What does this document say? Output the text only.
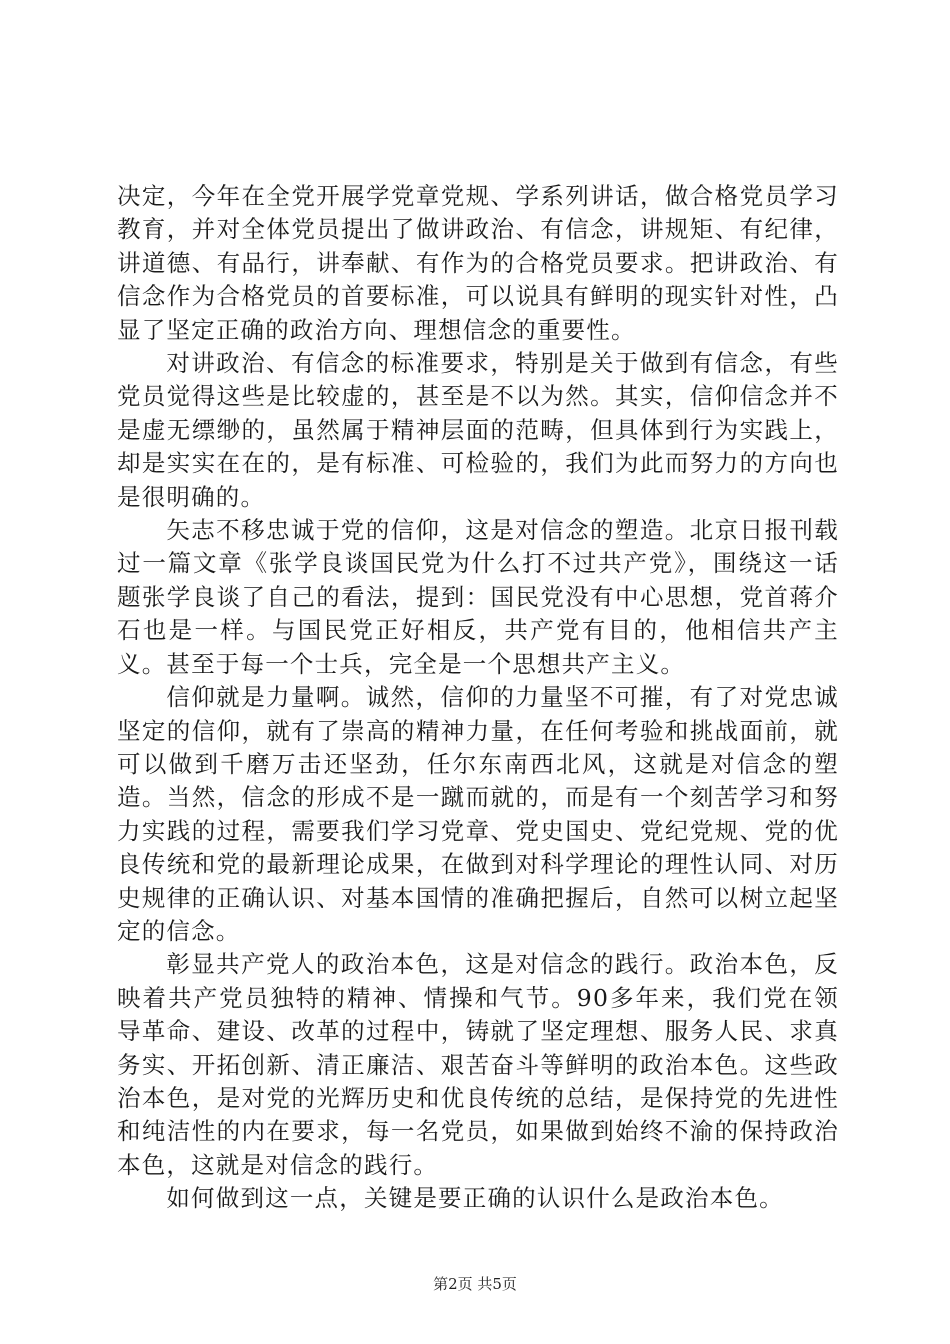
决定，今年在全党开展学党章党规、学系列讲话，做合格党员学习教育，并对全体党员提出了做讲政治、有信念，讲规矩、有纪律，讲道德、有品行，讲奉献、有作为的合格党员要求。把讲政治、有信念作为合格党员的首要标准，可以说具有鲜明的现实针对性，凸显了坚定正确的政治方向、理想信念的重要性。

对讲政治、有信念的标准要求，特别是关于做到有信念，有些党员觉得这些是比较虚的，甚至是不以为然。其实，信仰信念并不是虚无缥缈的，虽然属于精神层面的范畴，但具体到行为实践上，却是实实在在的，是有标准、可检验的，我们为此而努力的方向也是很明确的。

矢志不移忠诚于党的信仰，这是对信念的塑造。北京日报刊载过一篇文章《张学良谈国民党为什么打不过共产党》，围绕这一话题张学良谈了自己的看法，提到：国民党没有中心思想，党首蒋介石也是一样。与国民党正好相反，共产党有目的，他相信共产主义。甚至于每一个士兵，完全是一个思想共产主义。

信仰就是力量啊。诚然，信仰的力量坚不可摧，有了对党忠诚坚定的信仰，就有了崇高的精神力量，在任何考验和挑战面前，就可以做到千磨万击还坚劲，任尔东南西北风，这就是对信念的塑造。当然，信念的形成不是一蹴而就的，而是有一个刻苦学习和努力实践的过程，需要我们学习党章、党史国史、党纪党规、党的优良传统和党的最新理论成果，在做到对科学理论的理性认同、对历史规律的正确认识、对基本国情的准确把握后，自然可以树立起坚定的信念。

彰显共产党人的政治本色，这是对信念的践行。政治本色，反映着共产党员独特的精神、情操和气节。90多年来，我们党在领导革命、建设、改革的过程中，铸就了坚定理想、服务人民、求真务实、开拓创新、清正廉洁、艰苦奋斗等鲜明的政治本色。这些政治本色，是对党的光辉历史和优良传统的总结，是保持党的先进性和纯洁性的内在要求，每一名党员，如果做到始终不渝的保持政治本色，这就是对信念的践行。

如何做到这一点，关键是要正确的认识什么是政治本色。

第2页 共5页
